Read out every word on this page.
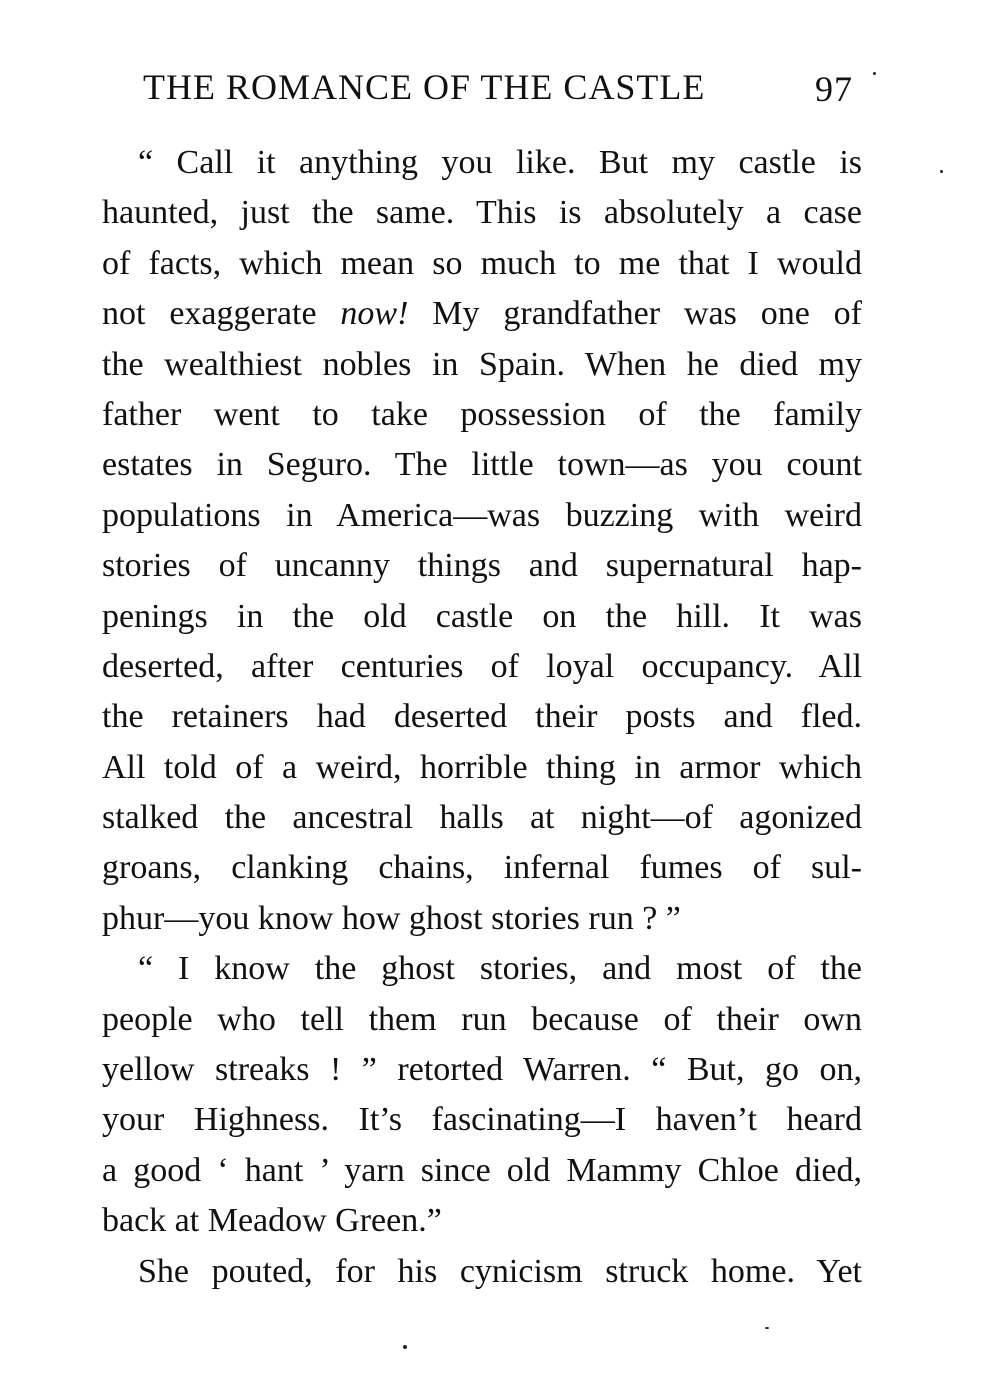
THE ROMANCE OF THE CASTLE	97
“ Call it anything you like. But my castle is
haunted, just the same. This is absolutely a case
of facts, which mean so much to me that I would
not exaggerate now! My grandfather was one of
the wealthiest nobles in Spain. When he died my
father went to take possession of the family
estates in Seguro. The little town—as you count
populations in America—was buzzing with weird
stories of uncanny things and supernatural hap-
penings in the old castle on the hill. It was
deserted, after centuries of loyal occupancy. All
the retainers had deserted their posts and fled.
All told of a weird, horrible thing in armor which
stalked the ancestral halls at night—of agonized
groans, clanking chains, infernal fumes of sul-
phur—you know how ghost stories run ? ”
“ I know the ghost stories, and most of the
people who tell them run because of their own
yellow streaks ! ” retorted Warren. “ But, go on,
your Highness. It’s fascinating—I haven’t heard
a good ‘ hant ’ yarn since old Mammy Chloe died,
back at Meadow Green.”
She pouted, for his cynicism struck home. Yet
